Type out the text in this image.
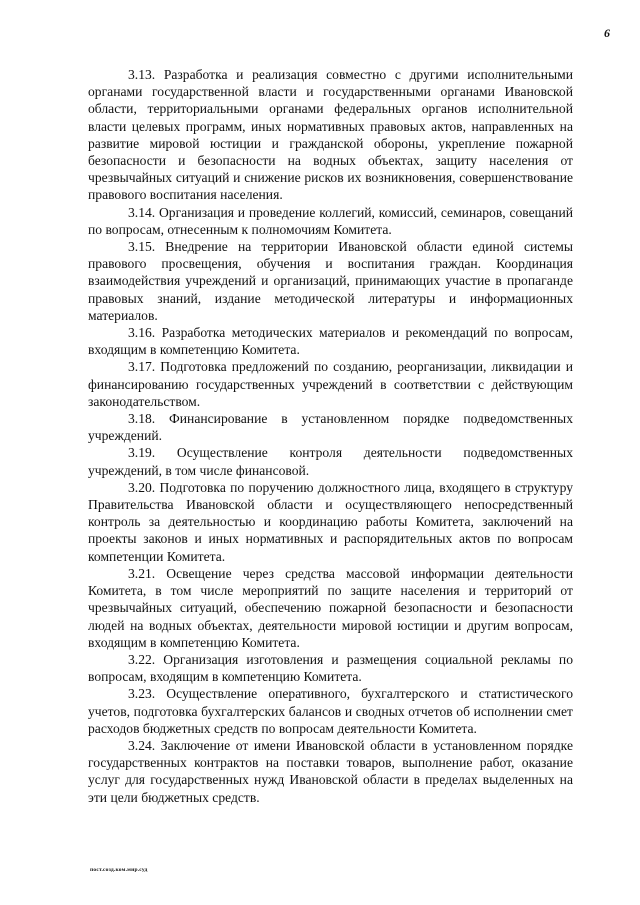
6

3.13. Разработка и реализация совместно с другими исполнительными органами государственной власти и государственными органами Ивановской области, территориальными органами федеральных органов исполнительной власти целевых программ, иных нормативных правовых актов, направленных на развитие мировой юстиции и гражданской обороны, укрепление пожарной безопасности и безопасности на водных объектах, защиту населения от чрезвычайных ситуаций и снижение рисков их возникновения, совершенствование правового воспитания населения.

3.14. Организация и проведение коллегий, комиссий, семинаров, совещаний по вопросам, отнесенным к полномочиям Комитета.

3.15. Внедрение на территории Ивановской области единой системы правового просвещения, обучения и воспитания граждан. Координация взаимодействия учреждений и организаций, принимающих участие в пропаганде правовых знаний, издание методической литературы и информационных материалов.

3.16. Разработка методических материалов и рекомендаций по вопросам, входящим в компетенцию Комитета.

3.17. Подготовка предложений по созданию, реорганизации, ликвидации и финансированию государственных учреждений в соответствии с действующим законодательством.

3.18. Финансирование в установленном порядке подведомственных учреждений.

3.19. Осуществление контроля деятельности подведомственных учреждений, в том числе финансовой.

3.20. Подготовка по поручению должностного лица, входящего в структуру Правительства Ивановской области и осуществляющего непосредственный контроль за деятельностью и координацию работы Комитета, заключений на проекты законов и иных нормативных и распорядительных актов по вопросам компетенции Комитета.

3.21. Освещение через средства массовой информации деятельности Комитета, в том числе мероприятий по защите населения и территорий от чрезвычайных ситуаций, обеспечению пожарной безопасности и безопасности людей на водных объектах, деятельности мировой юстиции и другим вопросам, входящим в компетенцию Комитета.

3.22. Организация изготовления и размещения социальной рекламы по вопросам, входящим в компетенцию Комитета.

3.23. Осуществление оперативного, бухгалтерского и статистического учетов, подготовка бухгалтерских балансов и сводных отчетов об исполнении смет расходов бюджетных средств по вопросам деятельности Комитета.

3.24. Заключение от имени Ивановской области в установленном порядке государственных контрактов на поставки товаров, выполнение работ, оказание услуг для государственных нужд Ивановской области в пределах выделенных на эти цели бюджетных средств.

пост.созд.ком.мир.суд
